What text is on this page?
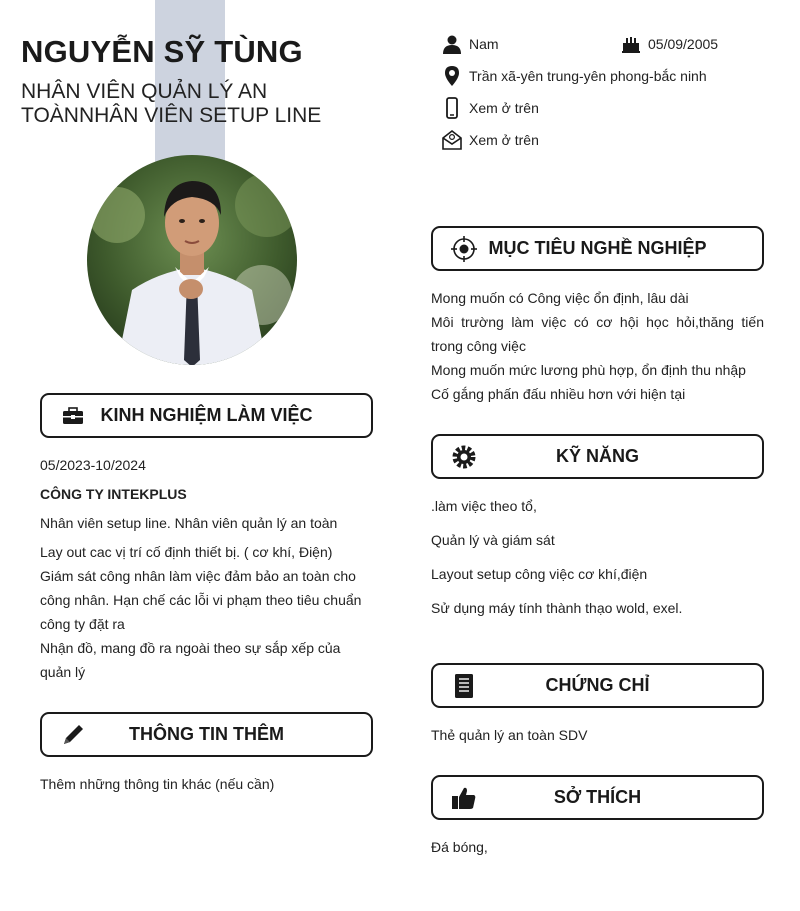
NGUYỄN SỸ TÙNG
NHÂN VIÊN QUẢN LÝ AN TOÀNNHÂN VIÊN SETUP LINE
Nam	05/09/2005
Trần xã-yên trung-yên phong-bắc ninh
Xem ở trên
Xem ở trên
KINH NGHIỆM LÀM VIỆC
05/2023-10/2024
CÔNG TY INTEKPLUS
Nhân viên setup line. Nhân viên quản lý an toàn
Lay out cac vị trí cố định thiết bị. ( cơ khí, Điện)
Giám sát công nhân làm việc đảm bảo an toàn cho công nhân. Hạn chế các lỗi vi phạm theo tiêu chuẩn công ty đặt ra
Nhận đồ, mang đồ ra ngoài theo sự sắp xếp của quản lý
THÔNG TIN THÊM
Thêm những thông tin khác (nếu cần)
MỤC TIÊU NGHỀ NGHIỆP
Mong muốn có Công việc ổn định, lâu dài
Môi trường làm việc có cơ hội học hỏi,thăng tiến trong công việc
Mong muốn mức lương phù hợp, ổn định thu nhập
Cố gắng phấn đấu nhiều hơn với hiện tại
KỸ NĂNG
.làm việc theo tổ,
Quản lý và giám sát
Layout setup công việc cơ khí,điện
Sử dụng máy tính thành thạo wold, exel.
CHỨNG CHỈ
Thẻ quản lý an toàn SDV
SỞ THÍCH
Đá bóng,
